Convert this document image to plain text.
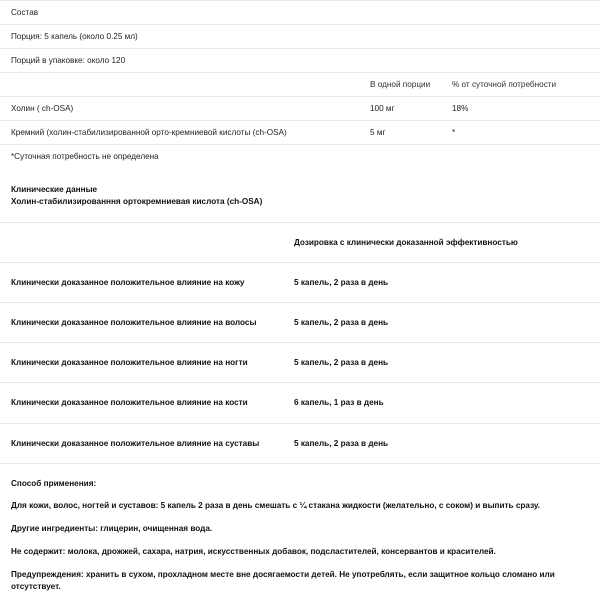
Состав		
Порция: 5 капель (около 0.25 мл)		
Порций в упаковке: около 120		
	В одной порции	% от суточной потребности
Холин ( ch-OSA)	100 мг	18%
Кремний (холин-стабилизированной орто-кремниевой кислоты (ch-OSA)	5 мг	*
*Суточная потребность не определена		
Клинические данные
Холин-стабилизированння ортокремниевая кислота (ch-OSA)
	Дозировка с клинически доказанной эффективностью
Клинически доказанное положительное влияние на кожу	5 капель, 2 раза в день
Клинически доказанное положительное влияние на волосы	5 капель, 2 раза в день
Клинически доказанное положительное влияние на ногти	5 капель, 2 раза в день
Клинически доказанное положительное влияние на кости	6 капель, 1 раз в день
Клинически доказанное положительное влияние на суставы	5 капель, 2 раза в день

Способ применения:

Для кожи, волос, ногтей и суставов: 5 капель 2 раза в день смешать с ¼ стакана жидкости (желательно, с соком) и выпить сразу.

Другие ингредиенты: глицерин, очищенная вода.

Не содержит: молока, дрожжей, сахара, натрия, искусственных добавок, подсластителей, консервантов и красителей.

Предупреждения: хранить в сухом, прохладном месте вне досягаемости детей. Не употреблять, если защитное кольцо сломано или отсутствует.
